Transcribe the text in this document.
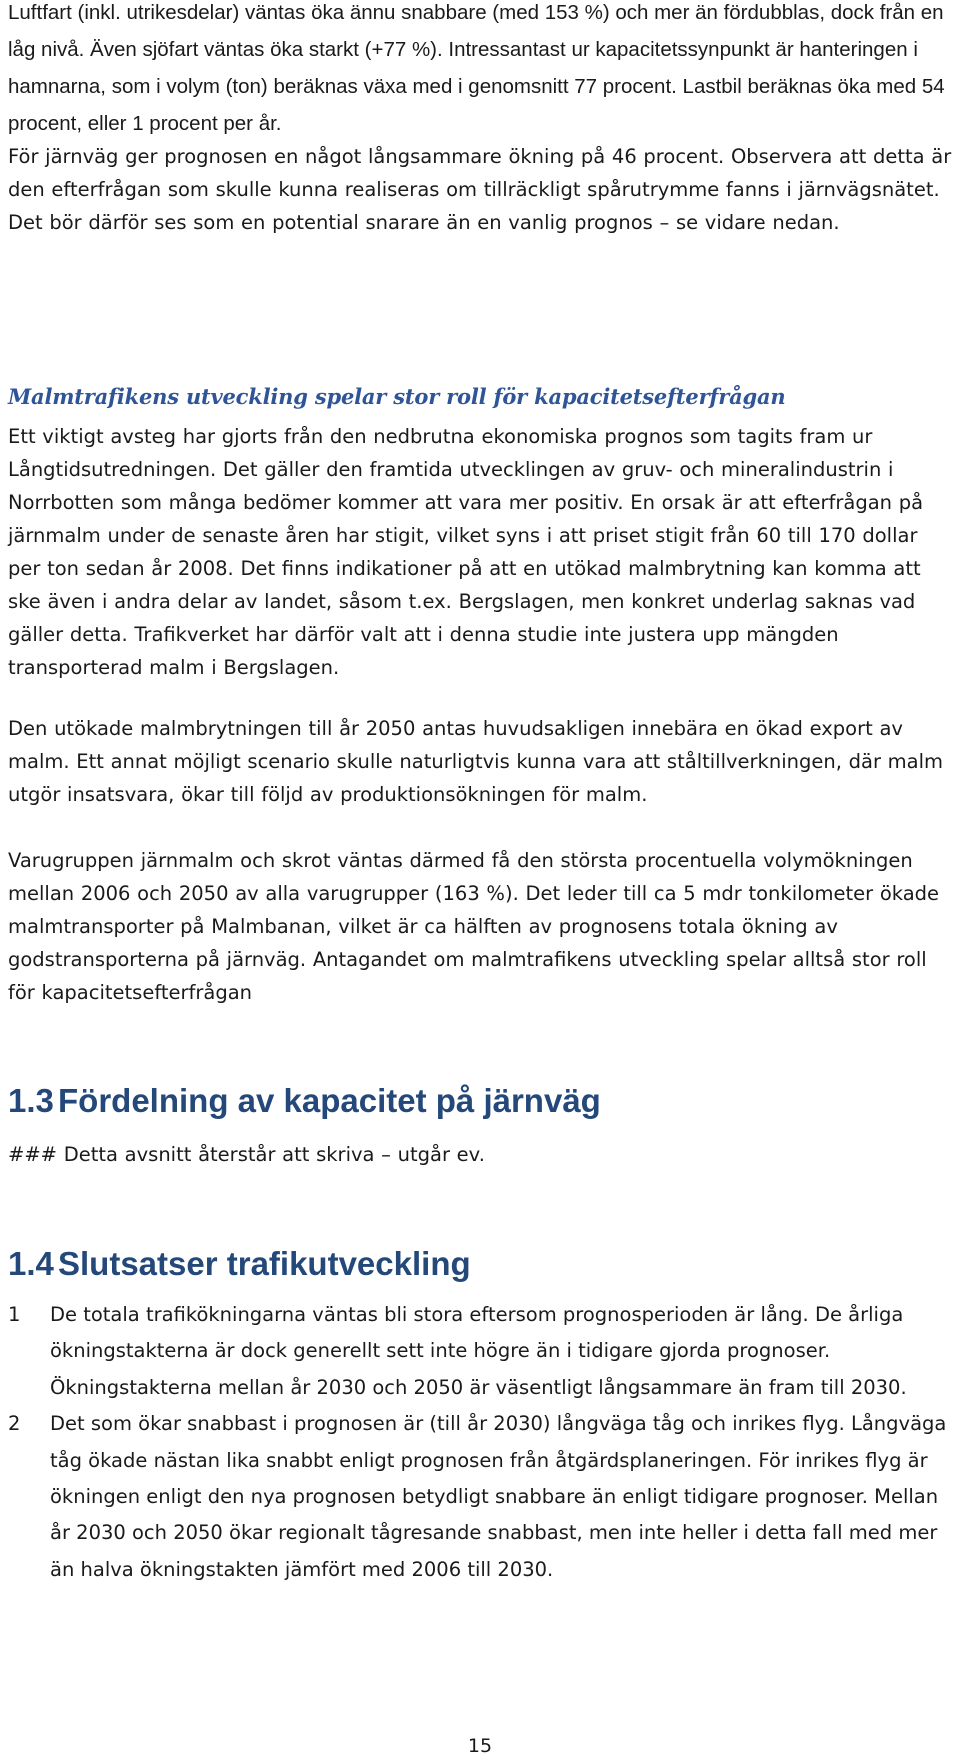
Luftfart (inkl. utrikesdelar) väntas öka ännu snabbare (med 153 %) och mer än fördubblas, dock från en låg nivå. Även sjöfart väntas öka starkt (+77 %). Intressantast ur kapacitetssynpunkt är hanteringen i hamnarna, som i volym (ton) beräknas växa med i genomsnitt 77 procent. Lastbil beräknas öka med 54 procent, eller 1 procent per år.

För järnväg ger prognosen en något långsammare ökning på 46 procent. Observera att detta är den efterfrågan som skulle kunna realiseras om tillräckligt spårutrymme fanns i järnvägsnätet. Det bör därför ses som en potential snarare än en vanlig prognos – se vidare nedan.

Malmtrafikens utveckling spelar stor roll för kapacitetsefterfrågan

Ett viktigt avsteg har gjorts från den nedbrutna ekonomiska prognos som tagits fram ur Långtidsutredningen. Det gäller den framtida utvecklingen av gruv- och mineralindustrin i Norrbotten som många bedömer kommer att vara mer positiv. En orsak är att efterfrågan på järnmalm under de senaste åren har stigit, vilket syns i att priset stigit från 60 till 170 dollar per ton sedan år 2008. Det finns indikationer på att en utökad malmbrytning kan komma att ske även i andra delar av landet, såsom t.ex. Bergslagen, men konkret underlag saknas vad gäller detta. Trafikverket har därför valt att i denna studie inte justera upp mängden transporterad malm i Bergslagen.

Den utökade malmbrytningen till år 2050 antas huvudsakligen innebära en ökad export av malm. Ett annat möjligt scenario skulle naturligtvis kunna vara att ståltillverkningen, där malm utgör insatsvara, ökar till följd av produktionsökningen för malm.

Varugruppen järnmalm och skrot väntas därmed få den största procentuella volymökningen mellan 2006 och 2050 av alla varugrupper (163 %). Det leder till ca 5 mdr tonkilometer ökade malmtransporter på Malmbanan, vilket är ca hälften av prognosens totala ökning av godstransporterna på järnväg. Antagandet om malmtrafikens utveckling spelar alltså stor roll för kapacitetsefterfrågan

1.3 Fördelning av kapacitet på järnväg

### Detta avsnitt återstår att skriva – utgår ev.

1.4 Slutsatser trafikutveckling
1	De totala trafikökningarna väntas bli stora eftersom prognosperioden är lång. De årliga ökningstakterna är dock generellt sett inte högre än i tidigare gjorda prognoser. Ökningstakterna mellan år 2030 och 2050 är väsentligt långsammare än fram till 2030.
2	Det som ökar snabbast i prognosen är (till år 2030) långväga tåg och inrikes flyg. Långväga tåg ökade nästan lika snabbt enligt prognosen från åtgärdsplaneringen. För inrikes flyg är ökningen enligt den nya prognosen betydligt snabbare än enligt tidigare prognoser. Mellan år 2030 och 2050 ökar regionalt tågresande snabbast, men inte heller i detta fall med mer än halva ökningstakten jämfört med 2006 till 2030.
15
